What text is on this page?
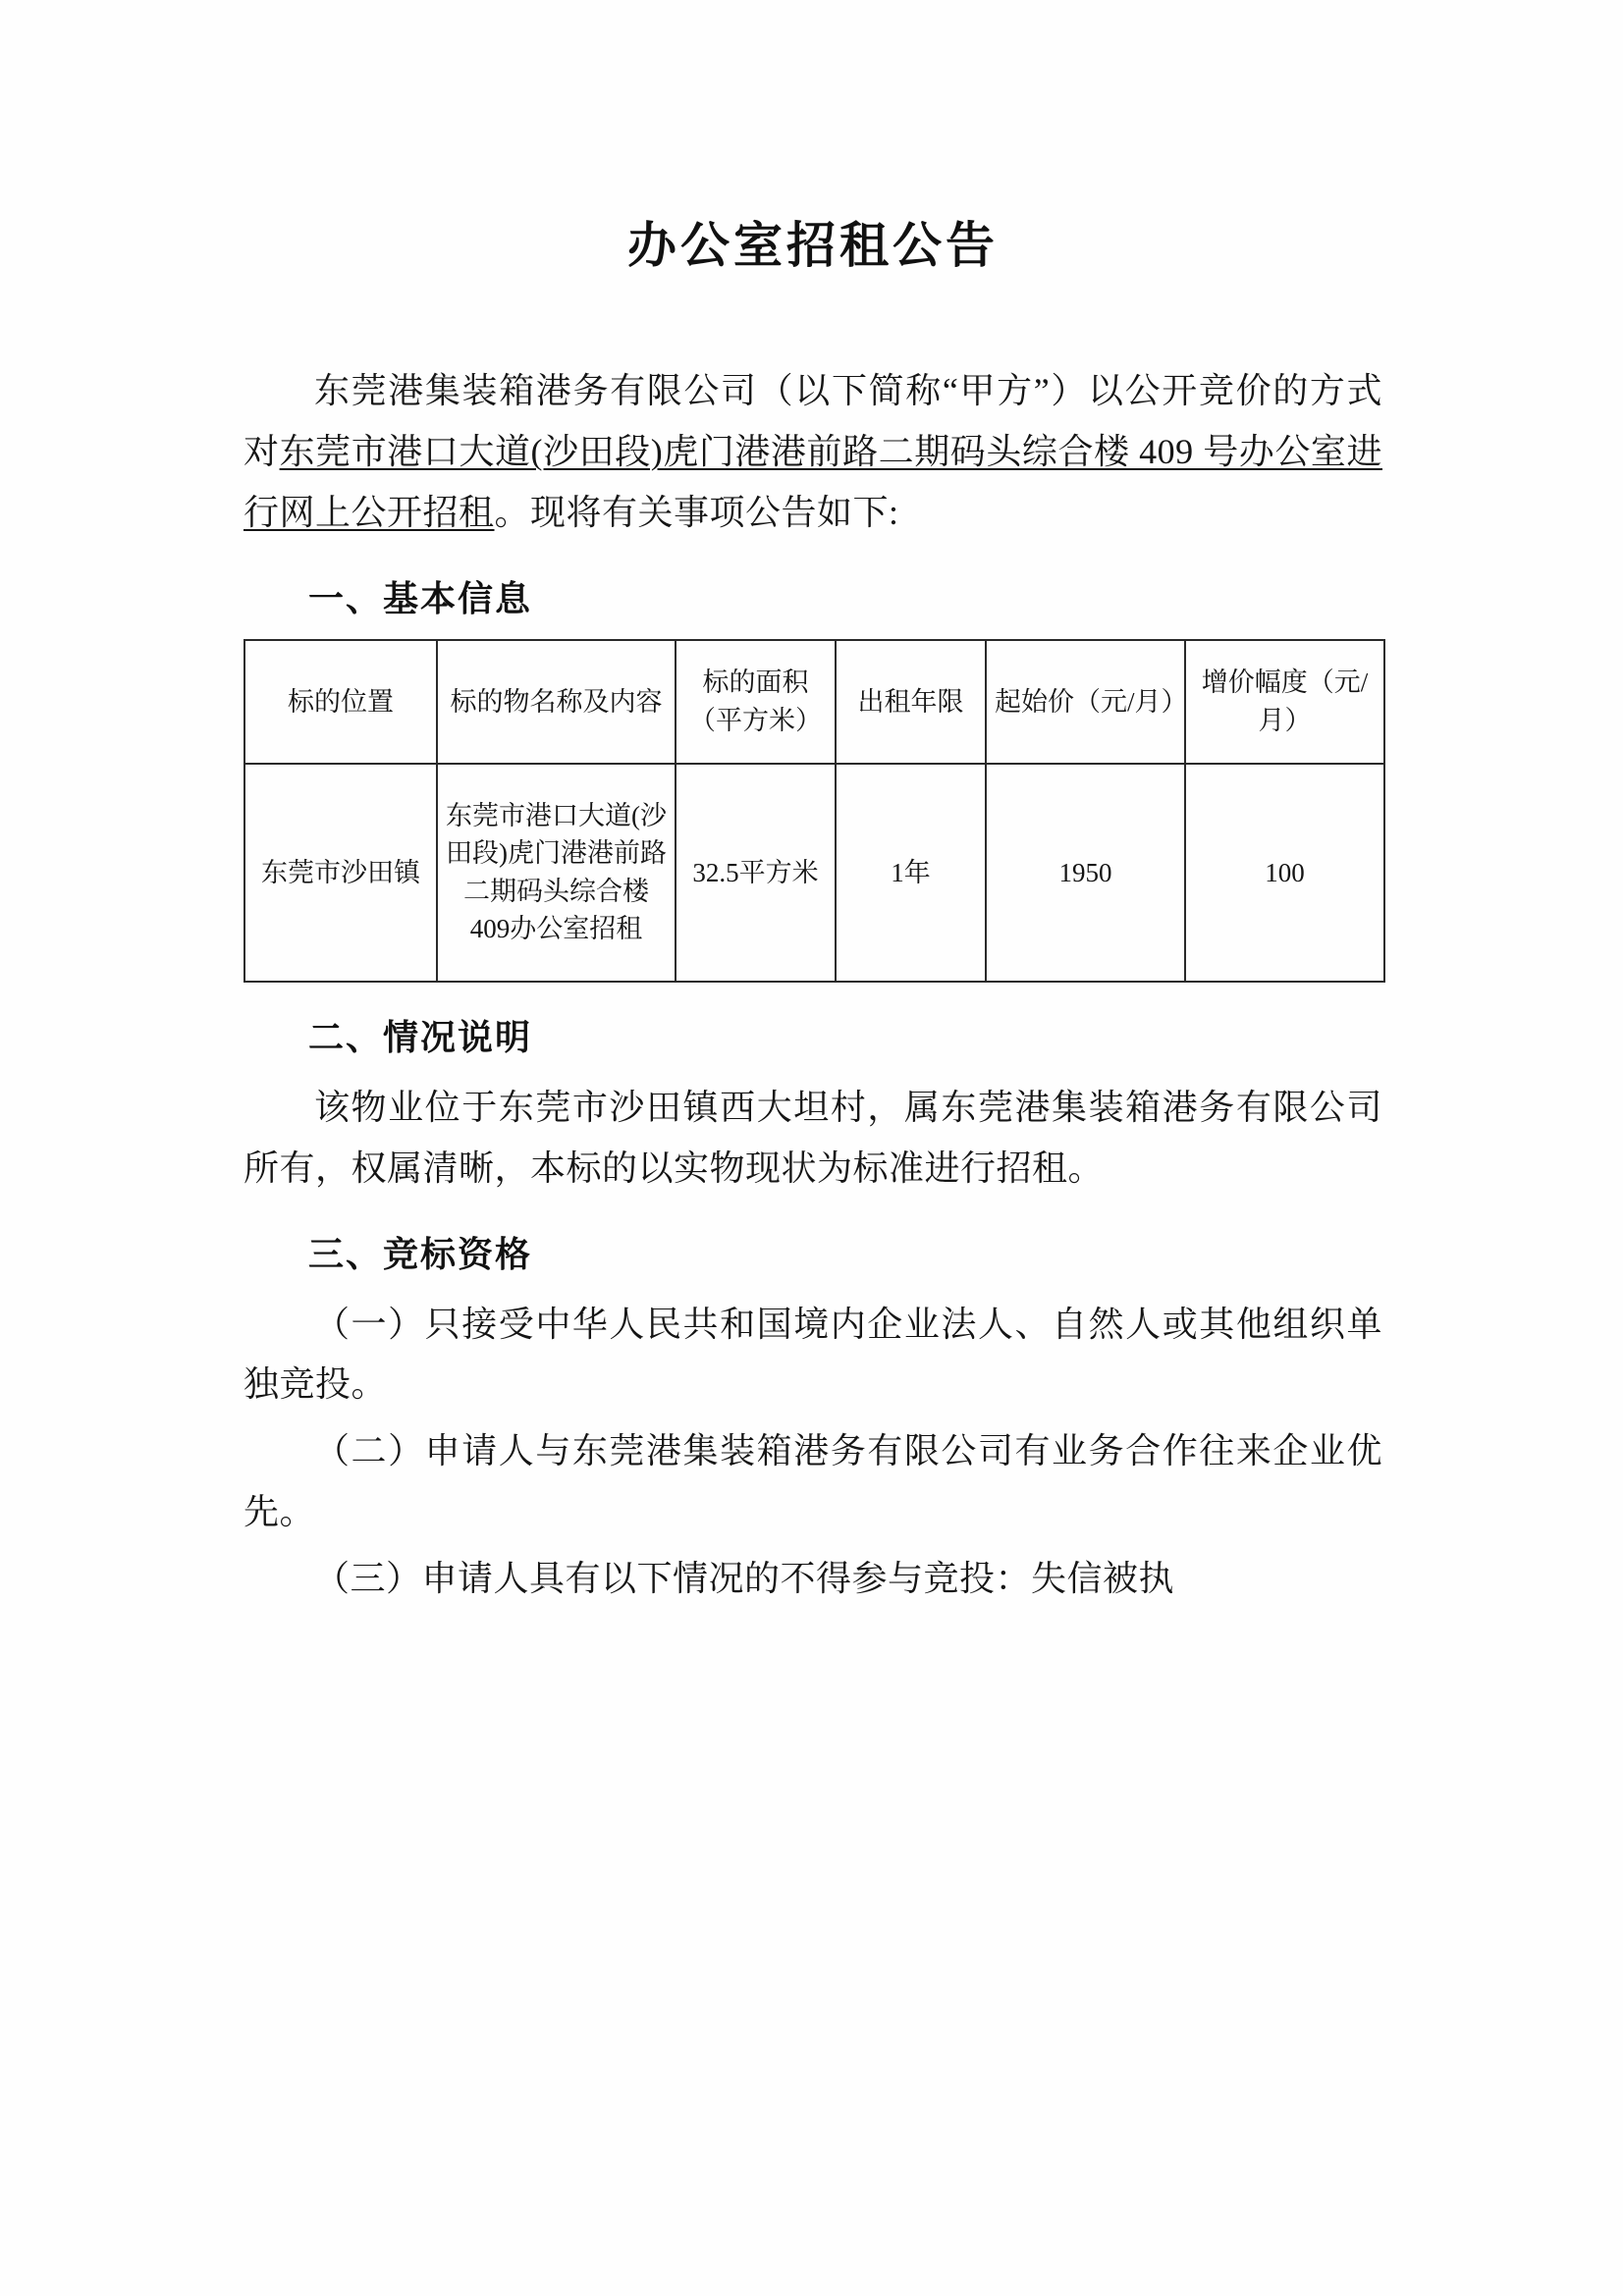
办公室招租公告

东莞港集装箱港务有限公司（以下简称“甲方”）以公开竞价的方式对东莞市港口大道(沙田段)虎门港港前路二期码头综合楼 409 号办公室进行网上公开招租。现将有关事项公告如下:

一、基本信息
标的位置	标的物名称及内容	标的面积（平方米）	出租年限	起始价（元/月）	增价幅度（元/月）
东莞市沙田镇	东莞市港口大道(沙田段)虎门港港前路二期码头综合楼409办公室招租	32.5平方米	1年	1950	100
二、情况说明

该物业位于东莞市沙田镇西大坦村，属东莞港集装箱港务有限公司所有，权属清晰，本标的以实物现状为标准进行招租。

三、竞标资格

（一）只接受中华人民共和国境内企业法人、自然人或其他组织单独竞投。

（二）申请人与东莞港集装箱港务有限公司有业务合作往来企业优先。

（三）申请人具有以下情况的不得参与竞投：失信被执
